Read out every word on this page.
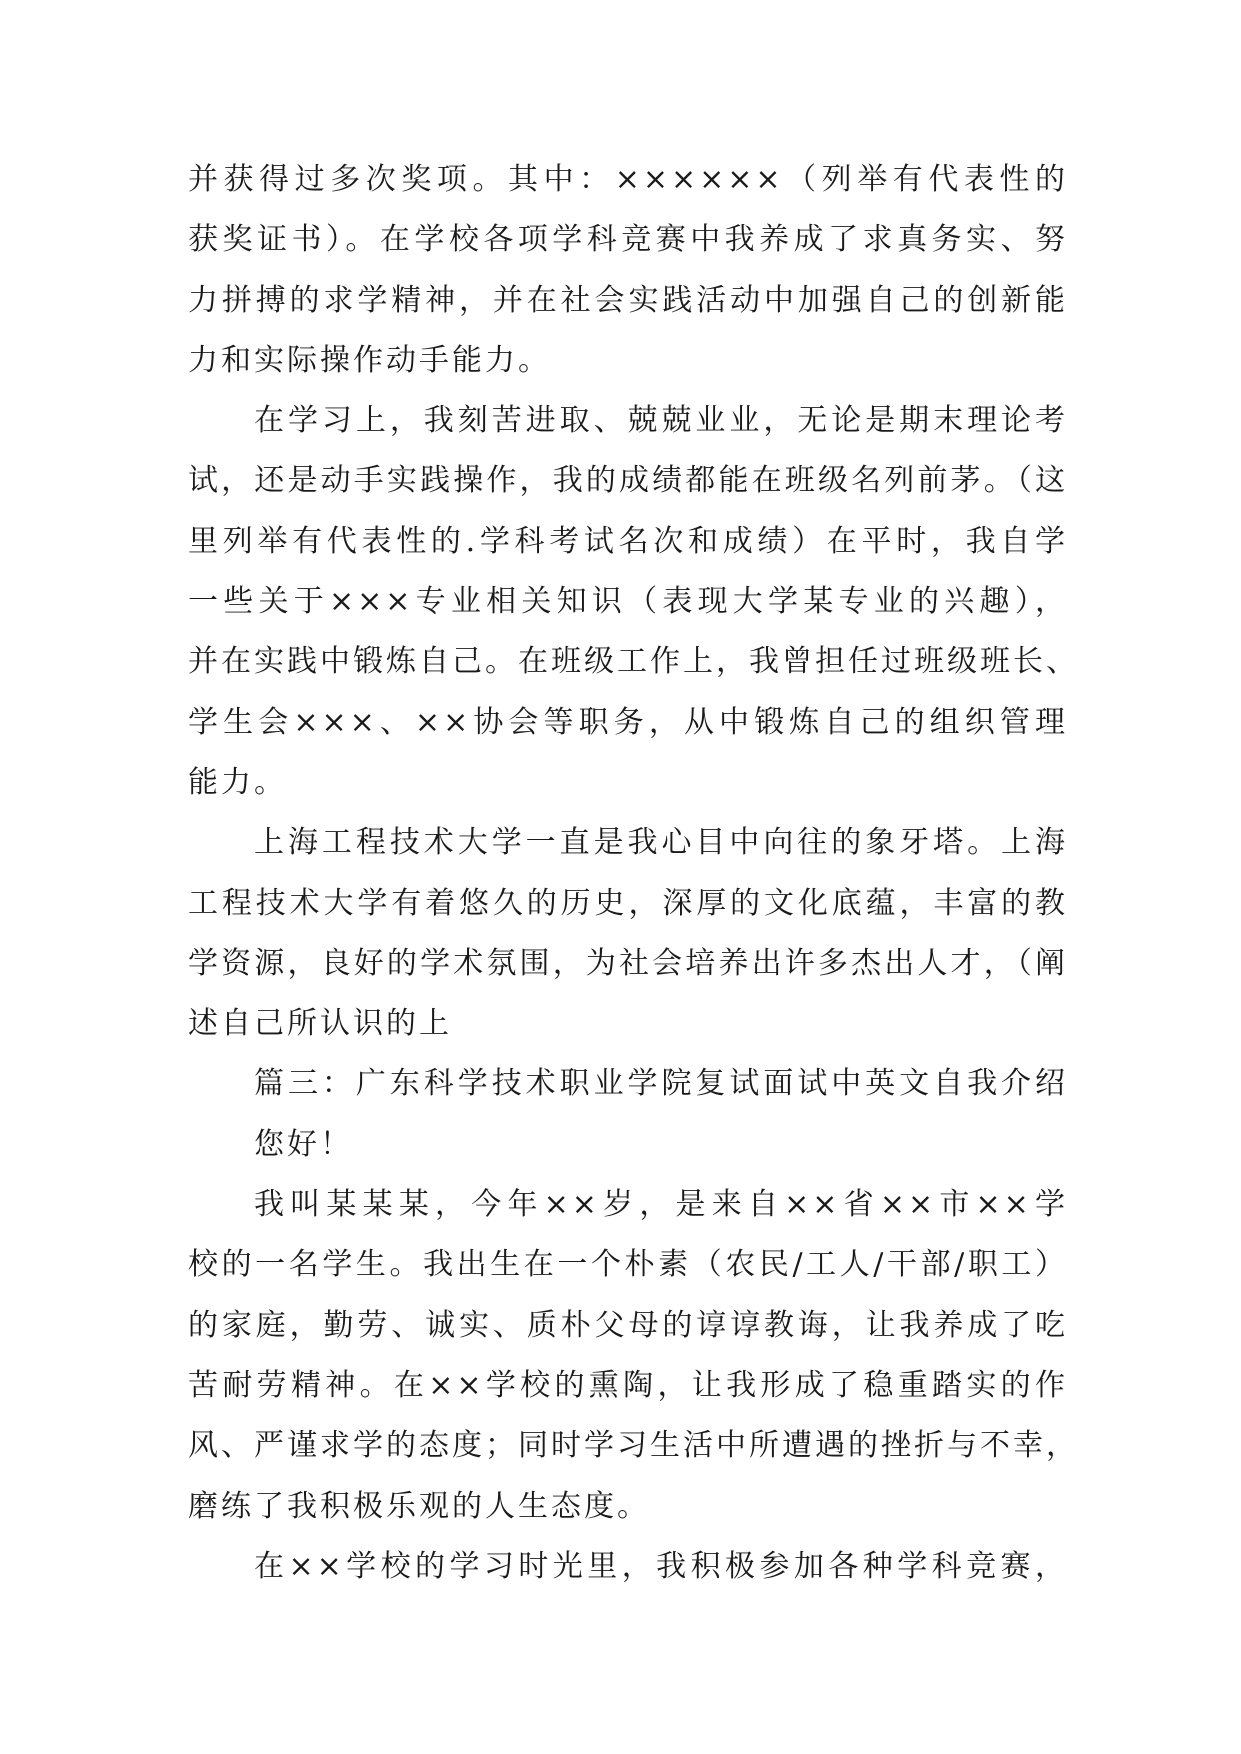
并获得过多次奖项。其中：××××××（列举有代表性的
获奖证书）。在学校各项学科竞赛中我养成了求真务实、努
力拼搏的求学精神，并在社会实践活动中加强自己的创新能
力和实际操作动手能力。
在学习上，我刻苦进取、兢兢业业，无论是期末理论考
试，还是动手实践操作，我的成绩都能在班级名列前茅。（这
里列举有代表性的.学科考试名次和成绩）在平时，我自学
一些关于×××专业相关知识（表现大学某专业的兴趣），
并在实践中锻炼自己。在班级工作上，我曾担任过班级班长、
学生会×××、××协会等职务，从中锻炼自己的组织管理
能力。
上海工程技术大学一直是我心目中向往的象牙塔。上海
工程技术大学有着悠久的历史，深厚的文化底蕴，丰富的教
学资源，良好的学术氛围，为社会培养出许多杰出人才，（阐
述自己所认识的上
篇三：广东科学技术职业学院复试面试中英文自我介绍
您好！
我叫某某某，今年××岁，是来自××省××市××学
校的一名学生。我出生在一个朴素（农民/工人/干部/职工）
的家庭，勤劳、诚实、质朴父母的谆谆教诲，让我养成了吃
苦耐劳精神。在××学校的熏陶，让我形成了稳重踏实的作
风、严谨求学的态度；同时学习生活中所遭遇的挫折与不幸，
磨练了我积极乐观的人生态度。
在××学校的学习时光里，我积极参加各种学科竞赛，
